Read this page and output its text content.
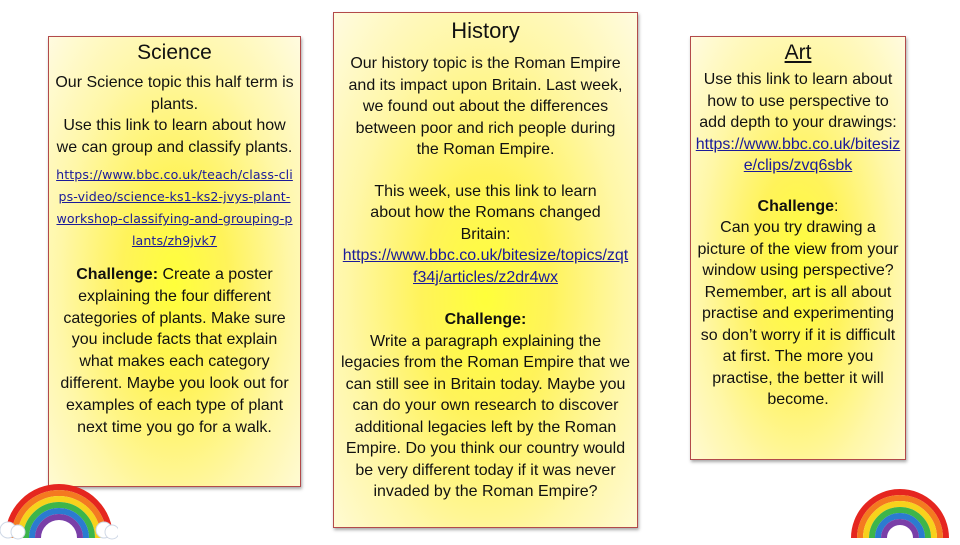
Science
Our Science topic this half term is plants.
Use this link to learn about how we can group and classify plants.
https://www.bbc.co.uk/teach/class-clips-video/science-ks1-ks2-jvys-plant-workshop-classifying-and-grouping-plants/zh9jvk7
Challenge: Create a poster explaining the four different categories of plants. Make sure you include facts that explain what makes each category different. Maybe you look out for examples of each type of plant next time you go for a walk.
History
Our history topic is the Roman Empire and its impact upon Britain. Last week, we found out about the differences between poor and rich people during the Roman Empire.
This week, use this link to learn about how the Romans changed Britain:
https://www.bbc.co.uk/bitesize/topics/zqtf34j/articles/z2dr4wx
Challenge:
Write a paragraph explaining the legacies from the Roman Empire that we can still see in Britain today. Maybe you can do your own research to discover additional legacies left by the Roman Empire. Do you think our country would be very different today if it was never invaded by the Roman Empire?
Art
Use this link to learn about how to use perspective to add depth to your drawings:
https://www.bbc.co.uk/bitesize/clips/zvq6sbk
Challenge:
Can you try drawing a picture of the view from your window using perspective? Remember, art is all about practise and experimenting so don’t worry if it is difficult at first. The more you practise, the better it will become.
